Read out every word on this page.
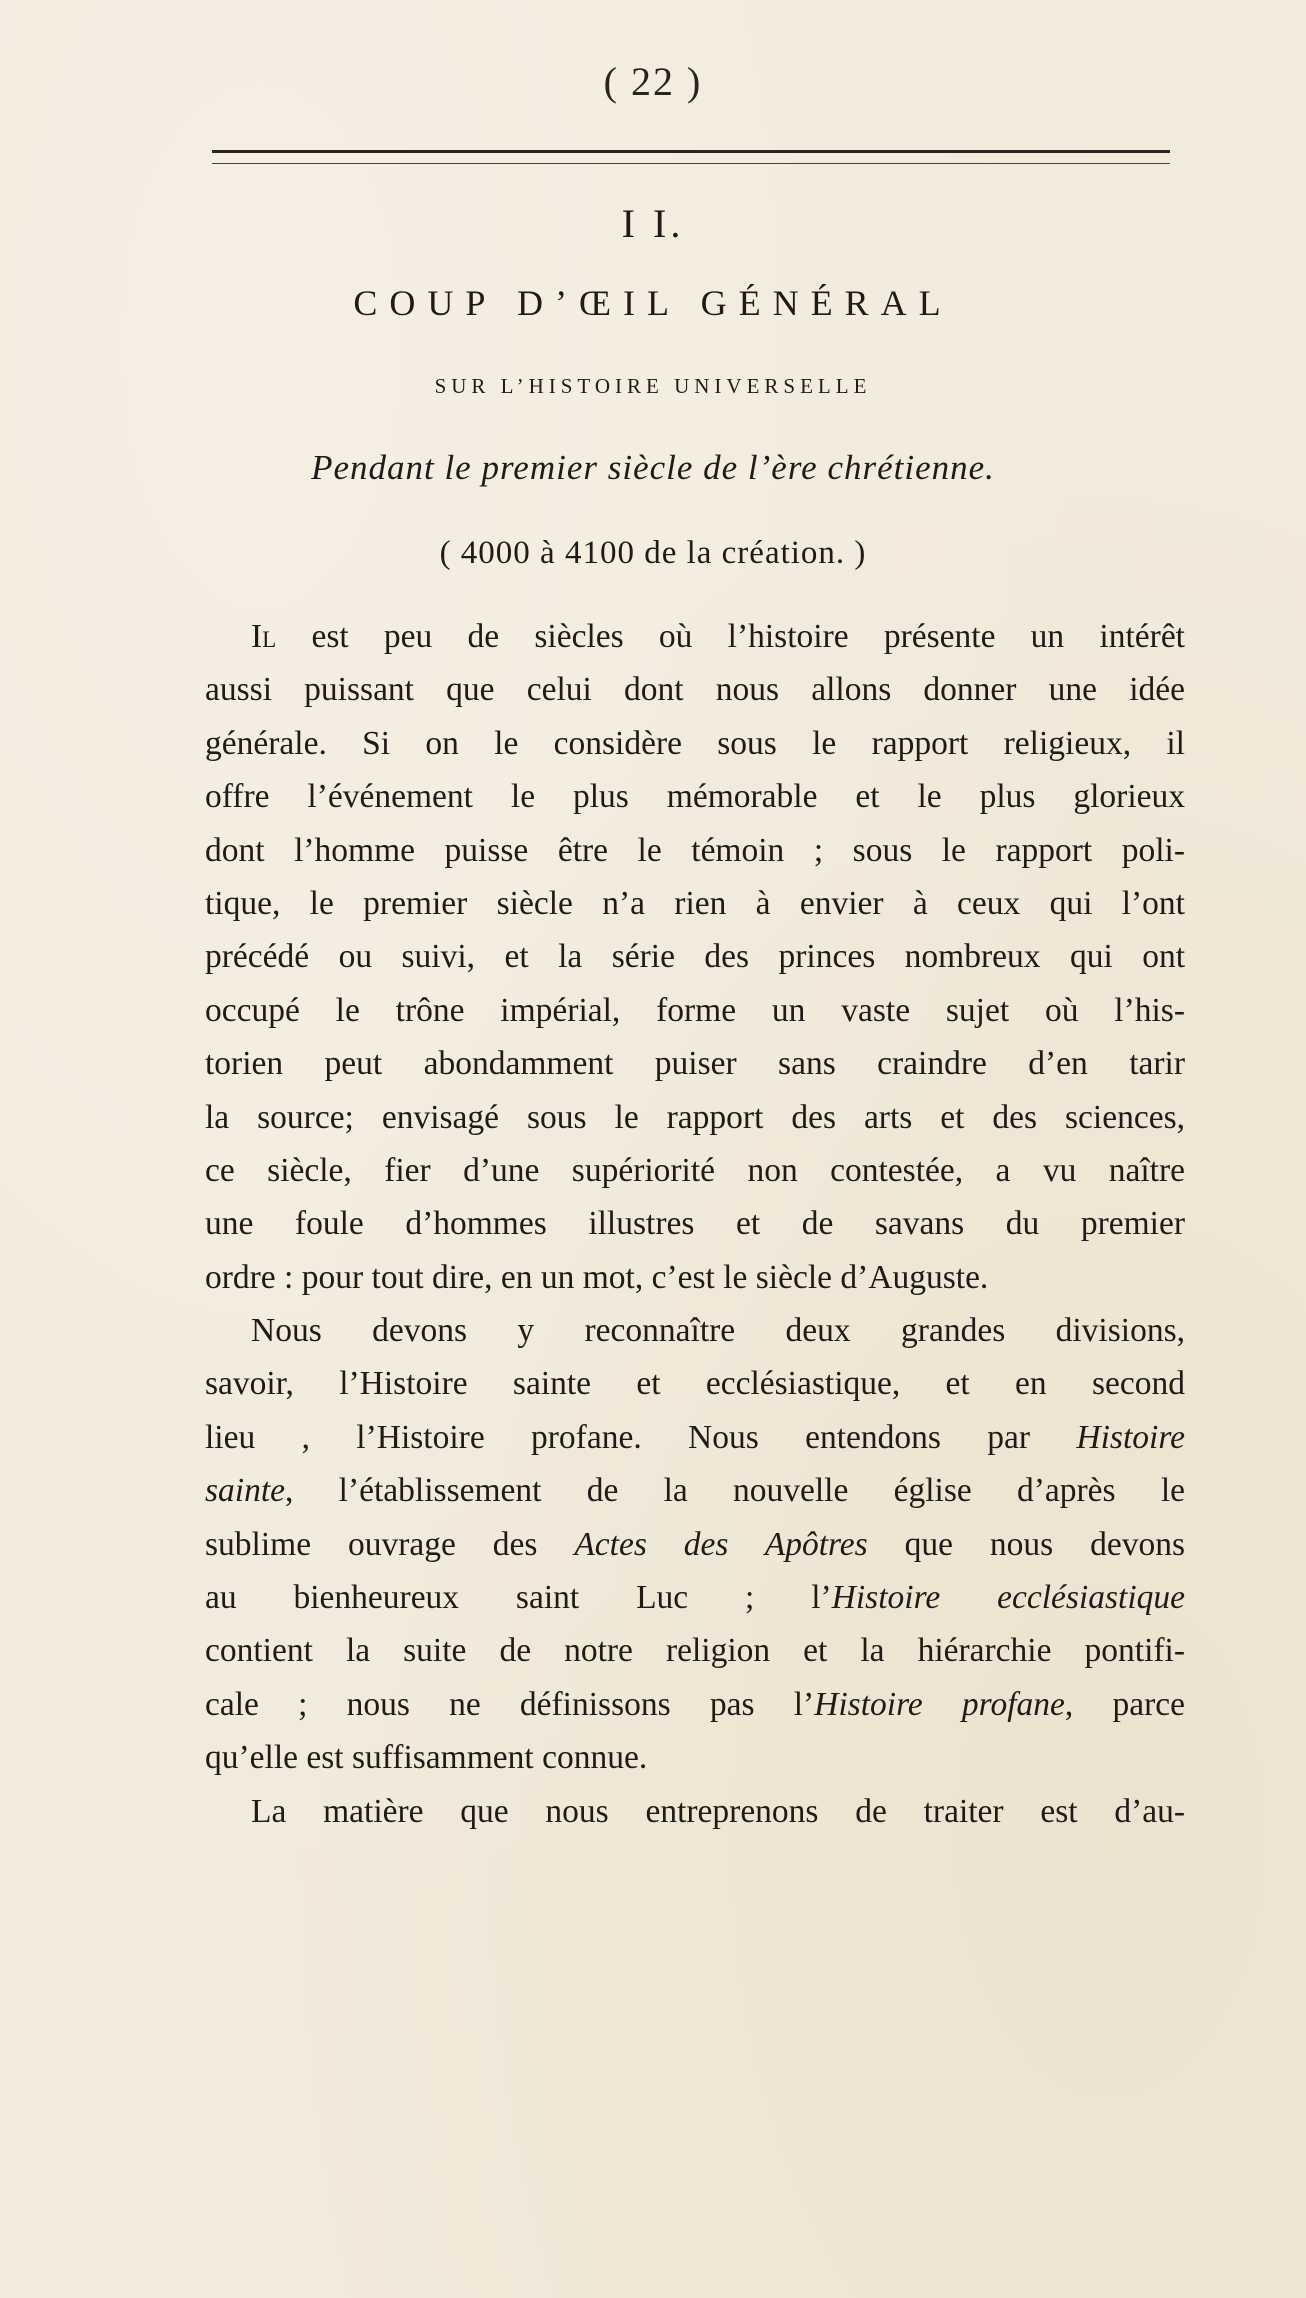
( 22 )
I I.
COUP D’ŒIL GÉNÉRAL
SUR L’HISTOIRE UNIVERSELLE
Pendant le premier siècle de l’ère chrétienne.
( 4000 à 4100 de la création. )
Il est peu de siècles où l’histoire présente un intérêt
aussi puissant que celui dont nous allons donner une idée
générale. Si on le considère sous le rapport religieux, il
offre l’événement le plus mémorable et le plus glorieux
dont l’homme puisse être le témoin ; sous le rapport poli-
tique, le premier siècle n’a rien à envier à ceux qui l’ont
précédé ou suivi, et la série des princes nombreux qui ont
occupé le trône impérial, forme un vaste sujet où l’his-
torien peut abondamment puiser sans craindre d’en tarir
la source; envisagé sous le rapport des arts et des sciences,
ce siècle, fier d’une supériorité non contestée, a vu naître
une foule d’hommes illustres et de savans du premier
ordre : pour tout dire, en un mot, c’est le siècle d’Auguste.
Nous devons y reconnaître deux grandes divisions,
savoir, l’Histoire sainte et ecclésiastique, et en second
lieu , l’Histoire profane. Nous entendons par Histoire
sainte, l’établissement de la nouvelle église d’après le
sublime ouvrage des Actes des Apôtres que nous devons
au bienheureux saint Luc ; l’Histoire ecclésiastique
contient la suite de notre religion et la hiérarchie pontifi-
cale ; nous ne définissons pas l’Histoire profane, parce
qu’elle est suffisamment connue.
La matière que nous entreprenons de traiter est d’au-
